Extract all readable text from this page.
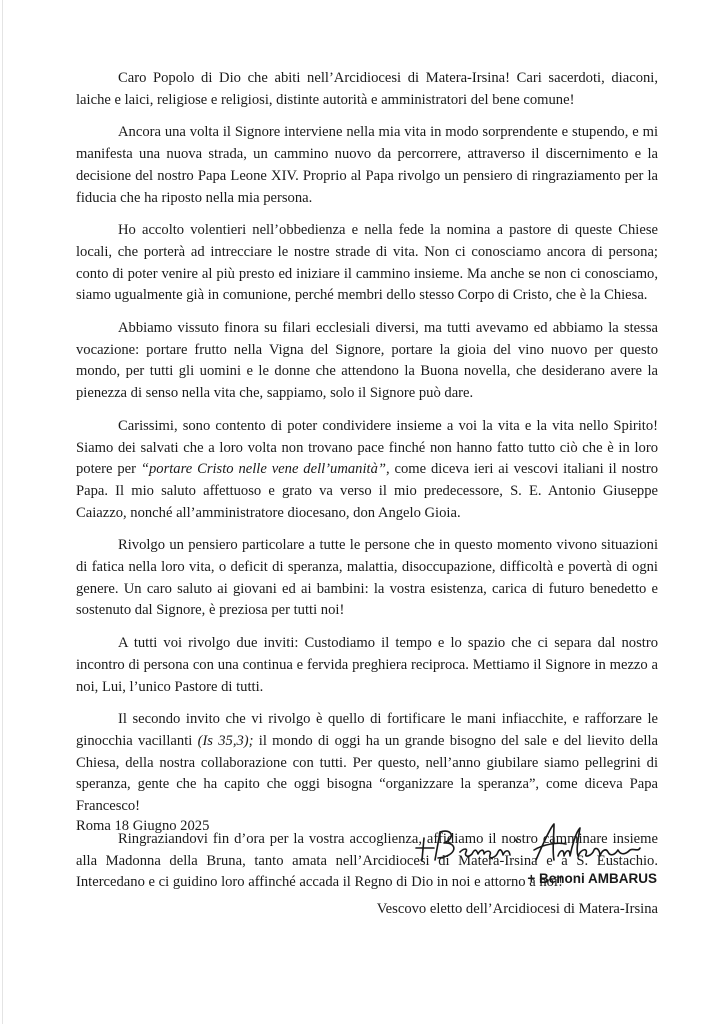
Caro Popolo di Dio che abiti nell’Arcidiocesi di Matera-Irsina! Cari sacerdoti, diaconi, laiche e laici, religiose e religiosi, distinte autorità e amministratori del bene comune!

Ancora una volta il Signore interviene nella mia vita in modo sorprendente e stupendo, e mi manifesta una nuova strada, un cammino nuovo da percorrere, attraverso il discernimento e la decisione del nostro Papa Leone XIV. Proprio al Papa rivolgo un pensiero di ringraziamento per la fiducia che ha riposto nella mia persona.

Ho accolto volentieri nell’obbedienza e nella fede la nomina a pastore di queste Chiese locali, che porterà ad intrecciare le nostre strade di vita. Non ci conosciamo ancora di persona; conto di poter venire al più presto ed iniziare il cammino insieme. Ma anche se non ci conosciamo, siamo ugualmente già in comunione, perché membri dello stesso Corpo di Cristo, che è la Chiesa.

Abbiamo vissuto finora su filari ecclesiali diversi, ma tutti avevamo ed abbiamo la stessa vocazione: portare frutto nella Vigna del Signore, portare la gioia del vino nuovo per questo mondo, per tutti gli uomini e le donne che attendono la Buona novella, che desiderano avere la pienezza di senso nella vita che, sappiamo, solo il Signore può dare.

Carissimi, sono contento di poter condividere insieme a voi la vita e la vita nello Spirito! Siamo dei salvati che a loro volta non trovano pace finché non hanno fatto tutto ciò che è in loro potere per “portare Cristo nelle vene dell’umanità”, come diceva ieri ai vescovi italiani il nostro Papa. Il mio saluto affettuoso e grato va verso il mio predecessore, S. E. Antonio Giuseppe Caiazzo, nonché all’amministratore diocesano, don Angelo Gioia.

Rivolgo un pensiero particolare a tutte le persone che in questo momento vivono situazioni di fatica nella loro vita, o deficit di speranza, malattia, disoccupazione, difficoltà e povertà di ogni genere. Un caro saluto ai giovani ed ai bambini: la vostra esistenza, carica di futuro benedetto e sostenuto dal Signore, è preziosa per tutti noi!

A tutti voi rivolgo due inviti: Custodiamo il tempo e lo spazio che ci separa dal nostro incontro di persona con una continua e fervida preghiera reciproca. Mettiamo il Signore in mezzo a noi, Lui, l’unico Pastore di tutti.

Il secondo invito che vi rivolgo è quello di fortificare le mani infiacchite, e rafforzare le ginocchia vacillanti (Is 35,3); il mondo di oggi ha un grande bisogno del sale e del lievito della Chiesa, della nostra collaborazione con tutti. Per questo, nell’anno giubilare siamo pellegrini di speranza, gente che ha capito che oggi bisogna “organizzare la speranza”, come diceva Papa Francesco!

Ringraziandovi fin d’ora per la vostra accoglienza, affidiamo il nostro camminare insieme alla Madonna della Bruna, tanto amata nell’Arcidiocesi di Matera-Irsina e a S. Eustachio. Intercedano e ci guidino loro affinché accada il Regno di Dio in noi e attorno a noi!

Roma 18 Giugno 2025

+ Benoni AMBARUS

Vescovo eletto dell’Arcidiocesi di Matera-Irsina
